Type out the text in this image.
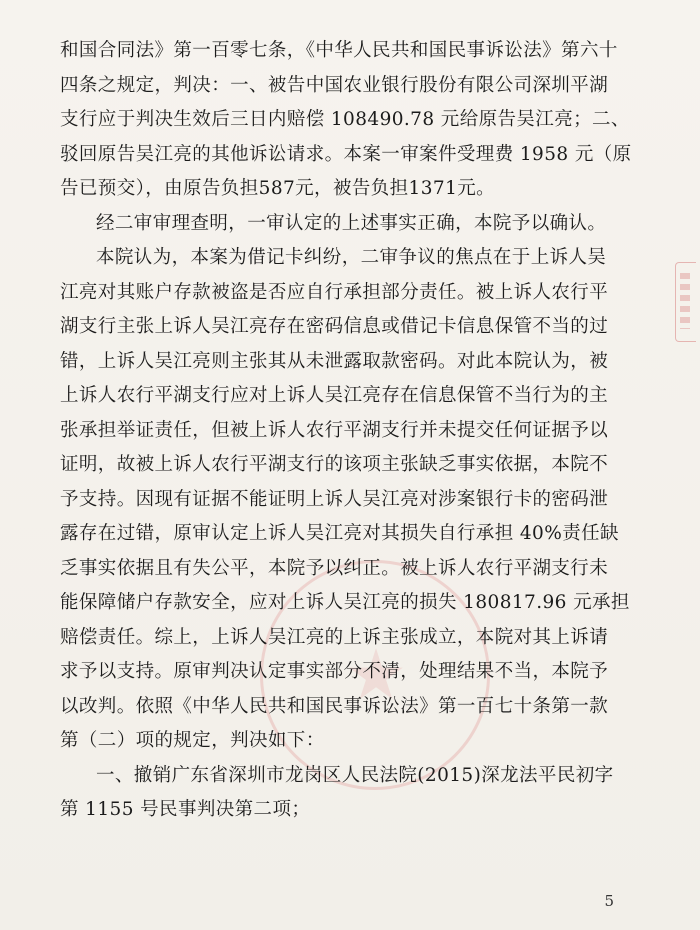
和国合同法》第一百零七条，《中华人民共和国民事诉讼法》第六十
四条之规定，判决：一、被告中国农业银行股份有限公司深圳平湖
支行应于判决生效后三日内赔偿 108490.78 元给原告吴江亮；二、
驳回原告吴江亮的其他诉讼请求。本案一审案件受理费 1958 元（原
告已预交），由原告负担587元，被告负担1371元。
经二审审理查明，一审认定的上述事实正确，本院予以确认。
本院认为，本案为借记卡纠纷，二审争议的焦点在于上诉人吴
江亮对其账户存款被盗是否应自行承担部分责任。被上诉人农行平
湖支行主张上诉人吴江亮存在密码信息或借记卡信息保管不当的过
错，上诉人吴江亮则主张其从未泄露取款密码。对此本院认为，被
上诉人农行平湖支行应对上诉人吴江亮存在信息保管不当行为的主
张承担举证责任，但被上诉人农行平湖支行并未提交任何证据予以
证明，故被上诉人农行平湖支行的该项主张缺乏事实依据，本院不
予支持。因现有证据不能证明上诉人吴江亮对涉案银行卡的密码泄
露存在过错，原审认定上诉人吴江亮对其损失自行承担 40%责任缺
乏事实依据且有失公平，本院予以纠正。被上诉人农行平湖支行未
能保障储户存款安全，应对上诉人吴江亮的损失 180817.96 元承担
赔偿责任。综上，上诉人吴江亮的上诉主张成立，本院对其上诉请
求予以支持。原审判决认定事实部分不清，处理结果不当，本院予
以改判。依照《中华人民共和国民事诉讼法》第一百七十条第一款
第（二）项的规定，判决如下：
一、撤销广东省深圳市龙岗区人民法院(2015)深龙法平民初字
第 1155 号民事判决第二项；
5
